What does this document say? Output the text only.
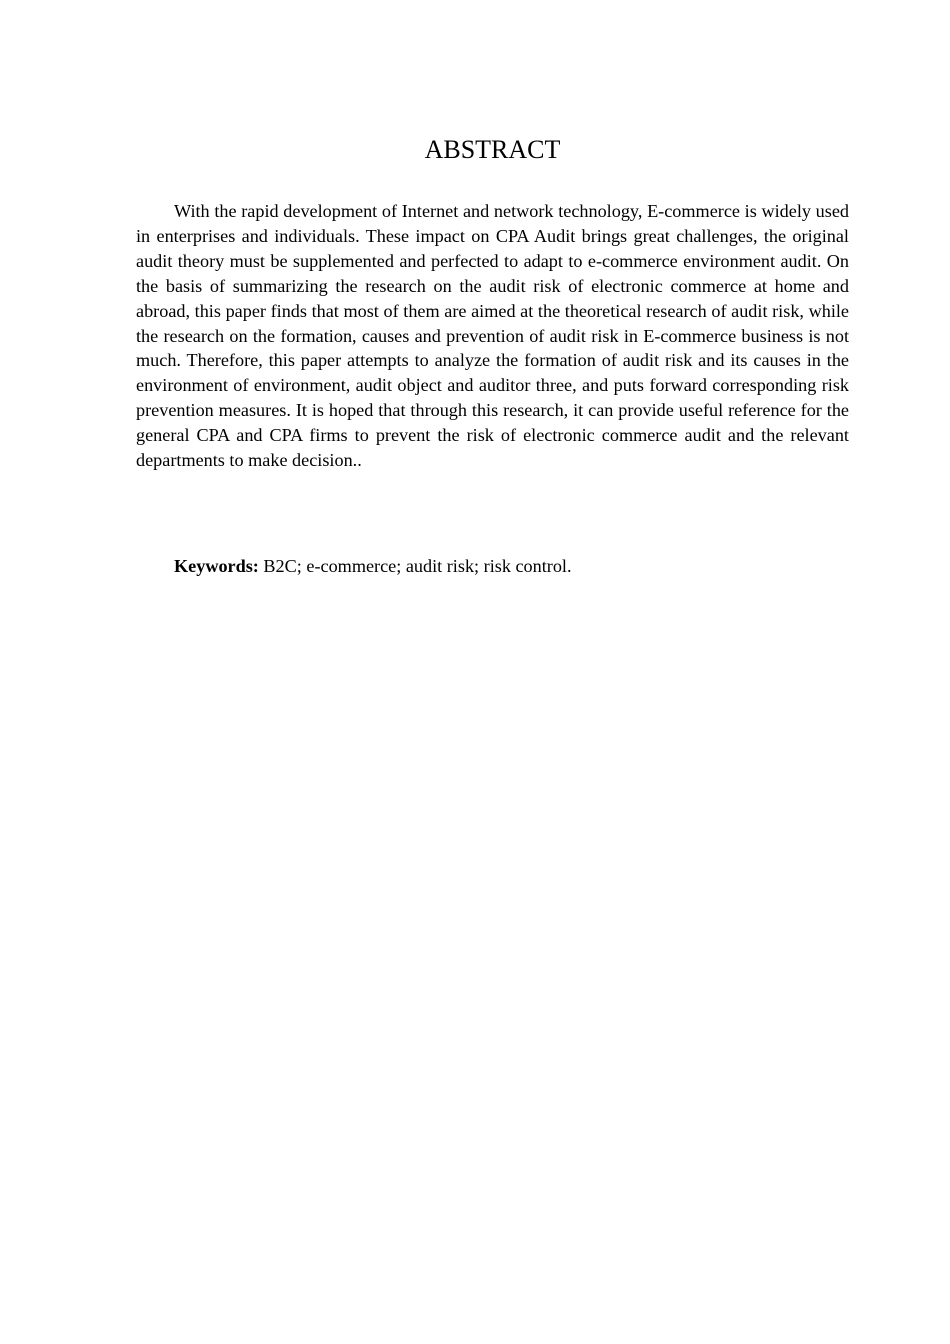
ABSTRACT

With the rapid development of Internet and network technology, E-commerce is widely used in enterprises and individuals. These impact on CPA Audit brings great challenges, the original audit theory must be supplemented and perfected to adapt to e-commerce environment audit. On the basis of summarizing the research on the audit risk of electronic commerce at home and abroad, this paper finds that most of them are aimed at the theoretical research of audit risk, while the research on the formation, causes and prevention of audit risk in E-commerce business is not much. Therefore, this paper attempts to analyze the formation of audit risk and its causes in the environment of environment, audit object and auditor three, and puts forward corresponding risk prevention measures. It is hoped that through this research, it can provide useful reference for the general CPA and CPA firms to prevent the risk of electronic commerce audit and the relevant departments to make decision..

Keywords: B2C; e-commerce; audit risk; risk control.
